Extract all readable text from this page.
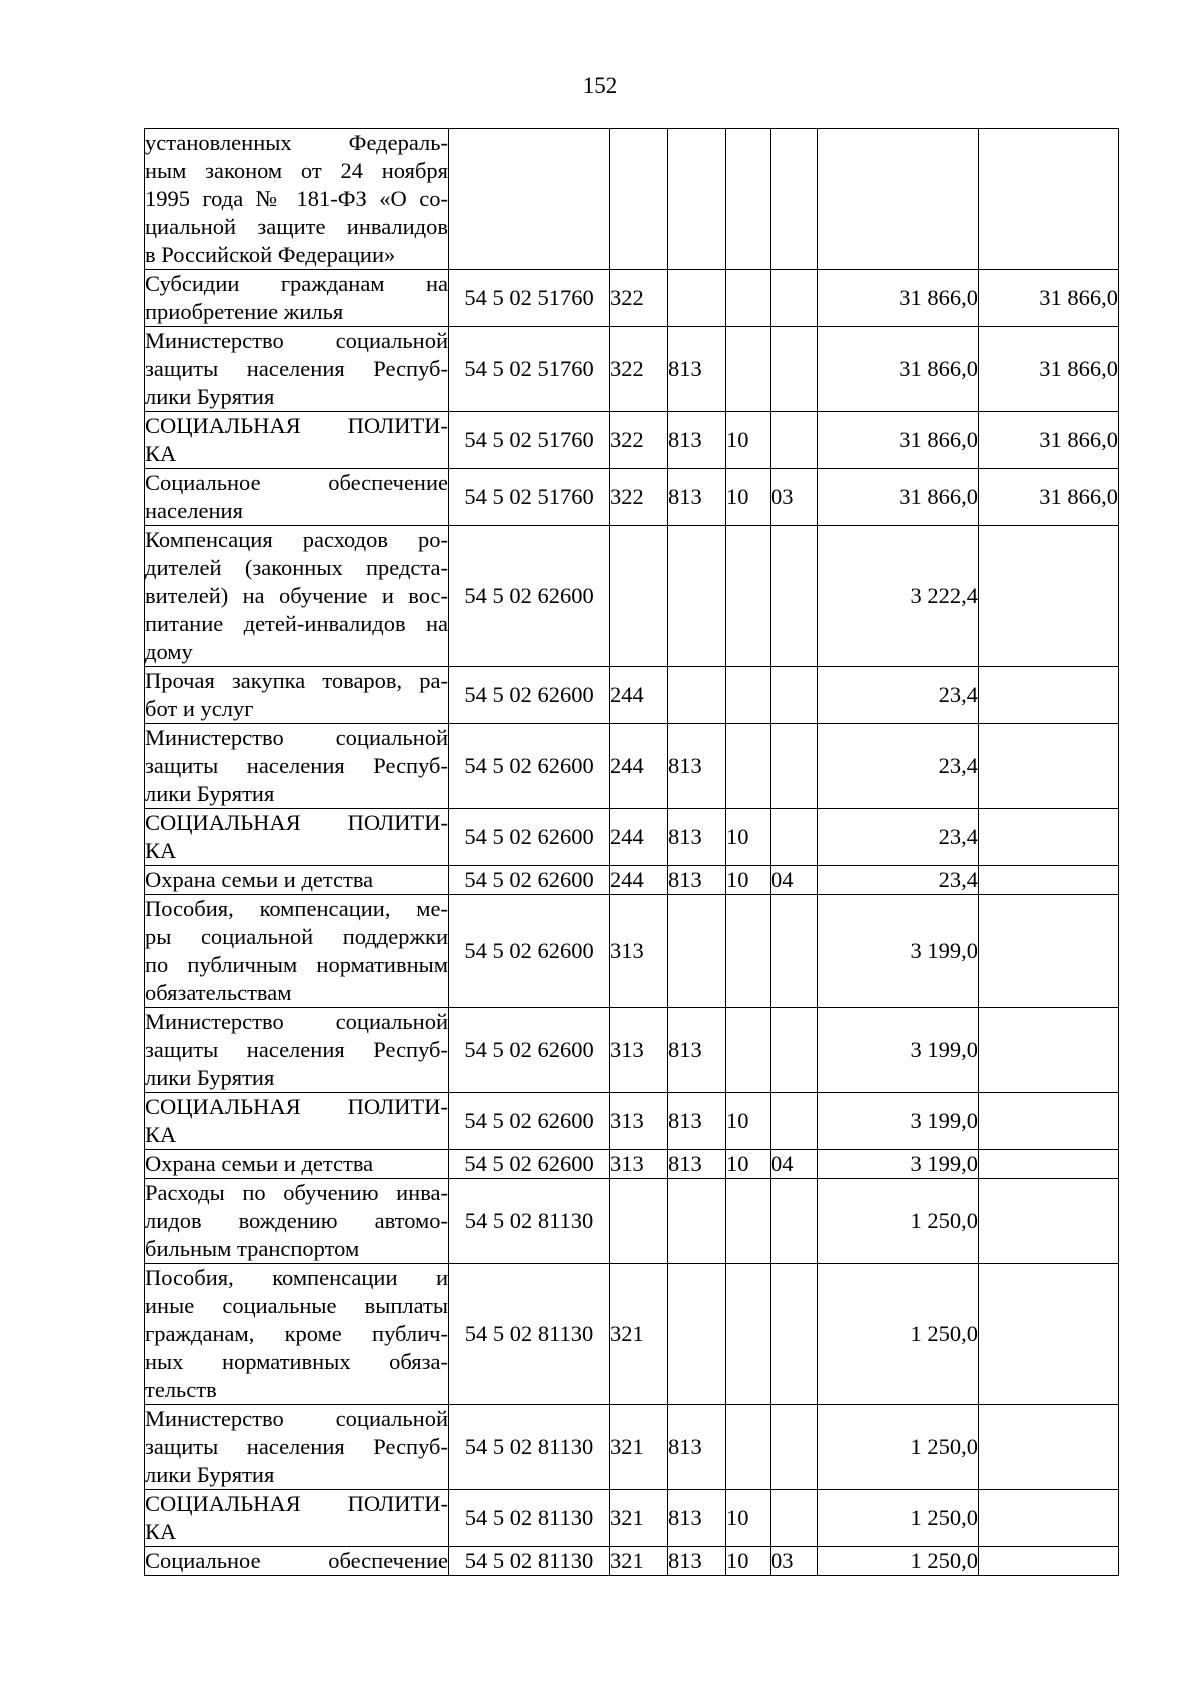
152
установленных Федераль-
ным законом от 24 ноября
1995 года № 181-ФЗ «О со-
циальной защите инвалидов
в Российской Федерации»							

Субсидии гражданам на
приобретение жилья	54 5 02 51760	322				31 866,0	31 866,0

Министерство социальной
защиты населения Респуб-
лики Бурятия	54 5 02 51760	322	813			31 866,0	31 866,0

СОЦИАЛЬНАЯ ПОЛИТИ-
КА	54 5 02 51760	322	813	10		31 866,0	31 866,0

Социальное обеспечение
населения	54 5 02 51760	322	813	10	03	31 866,0	31 866,0

Компенсация расходов ро-
дителей (законных предста-
вителей) на обучение и вос-
питание детей-инвалидов на
дому	54 5 02 62600					3 222,4	

Прочая закупка товаров, ра-
бот и услуг	54 5 02 62600	244				23,4	

Министерство социальной
защиты населения Респуб-
лики Бурятия	54 5 02 62600	244	813			23,4	

СОЦИАЛЬНАЯ ПОЛИТИ-
КА	54 5 02 62600	244	813	10		23,4	

Охрана семьи и детства	54 5 02 62600	244	813	10	04	23,4	

Пособия, компенсации, ме-
ры социальной поддержки
по публичным нормативным
обязательствам	54 5 02 62600	313				3 199,0	

Министерство социальной
защиты населения Респуб-
лики Бурятия	54 5 02 62600	313	813			3 199,0	

СОЦИАЛЬНАЯ ПОЛИТИ-
КА	54 5 02 62600	313	813	10		3 199,0	

Охрана семьи и детства	54 5 02 62600	313	813	10	04	3 199,0	

Расходы по обучению инва-
лидов вождению автомо-
бильным транспортом	54 5 02 81130					1 250,0	

Пособия, компенсации и
иные социальные выплаты
гражданам, кроме публич-
ных нормативных обяза-
тельств	54 5 02 81130	321				1 250,0	

Министерство социальной
защиты населения Респуб-
лики Бурятия	54 5 02 81130	321	813			1 250,0	

СОЦИАЛЬНАЯ ПОЛИТИ-
КА	54 5 02 81130	321	813	10		1 250,0	

Социальное обеспечение	54 5 02 81130	321	813	10	03	1 250,0	
